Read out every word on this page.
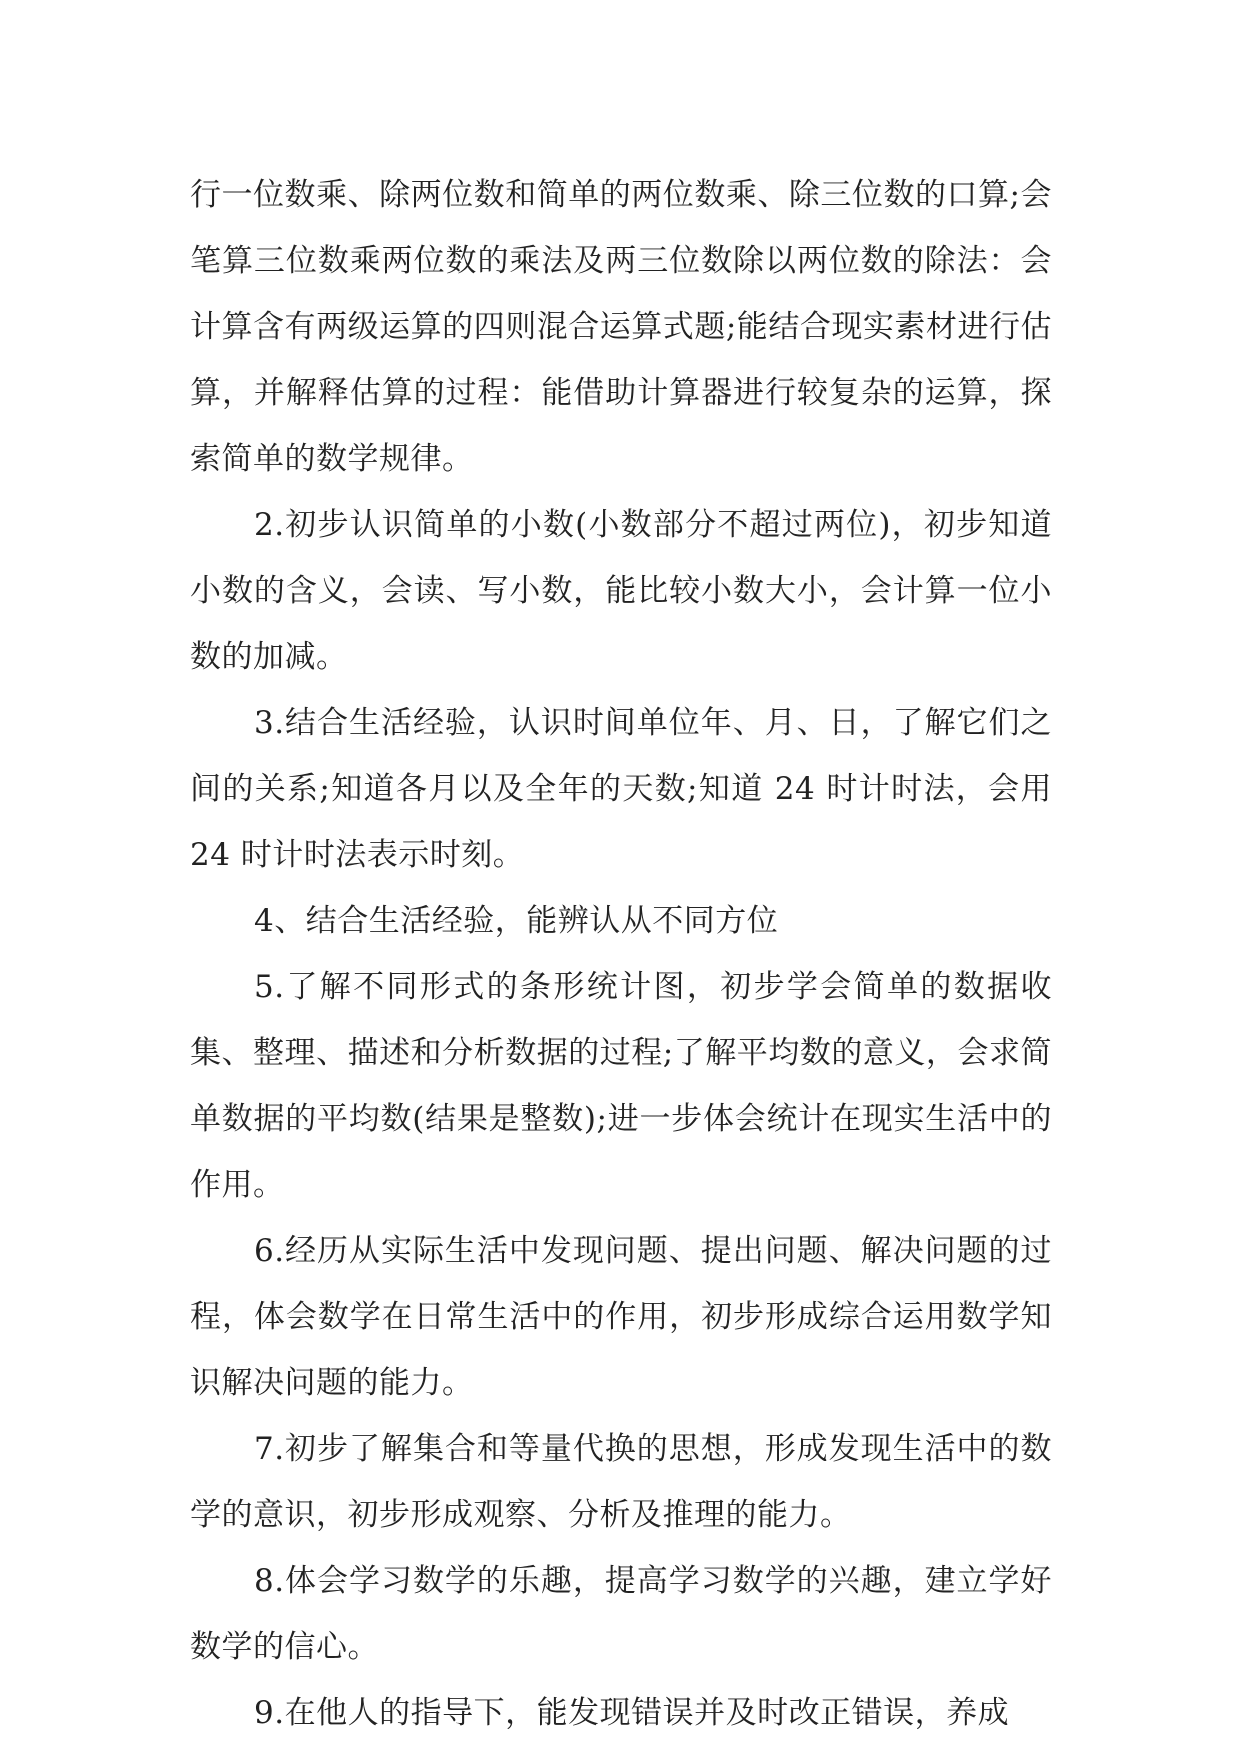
行一位数乘、除两位数和简单的两位数乘、除三位数的口算;会笔算三位数乘两位数的乘法及两三位数除以两位数的除法：会计算含有两级运算的四则混合运算式题;能结合现实素材进行估算，并解释估算的过程：能借助计算器进行较复杂的运算，探索简单的数学规律。

2.初步认识简单的小数(小数部分不超过两位)，初步知道小数的含义，会读、写小数，能比较小数大小，会计算一位小数的加减。

3.结合生活经验，认识时间单位年、月、日，了解它们之间的关系;知道各月以及全年的天数;知道 24 时计时法，会用 24 时计时法表示时刻。

4、结合生活经验，能辨认从不同方位

5.了解不同形式的条形统计图，初步学会简单的数据收集、整理、描述和分析数据的过程;了解平均数的意义，会求简单数据的平均数(结果是整数);进一步体会统计在现实生活中的作用。

6.经历从实际生活中发现问题、提出问题、解决问题的过程，体会数学在日常生活中的作用，初步形成综合运用数学知识解决问题的能力。

7.初步了解集合和等量代换的思想，形成发现生活中的数学的意识，初步形成观察、分析及推理的能力。

8.体会学习数学的乐趣，提高学习数学的兴趣，建立学好数学的信心。

9.在他人的指导下，能发现错误并及时改正错误，养成
